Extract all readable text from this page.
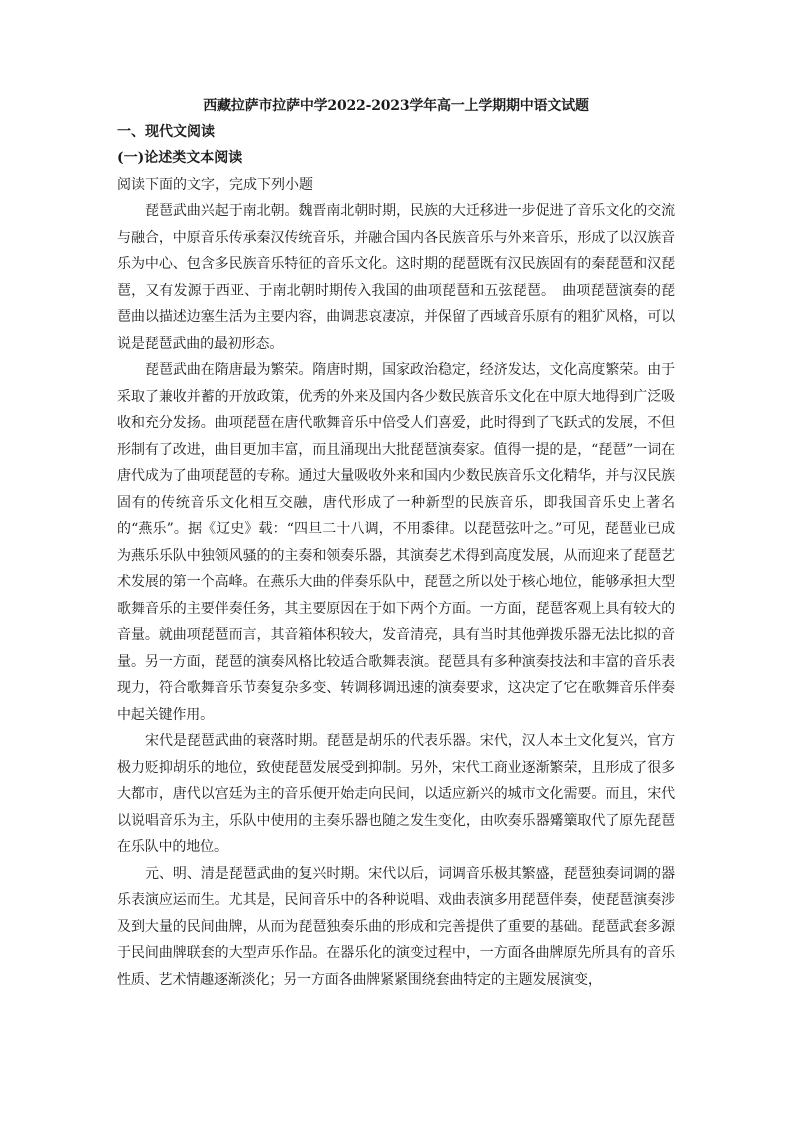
西藏拉萨市拉萨中学2022-2023学年高一上学期期中语文试题
一、现代文阅读
(一)论述类文本阅读
阅读下面的文字，完成下列小题

琵琶武曲兴起于南北朝。魏晋南北朝时期，民族的大迁移进一步促进了音乐文化的交流与融合，中原音乐传承秦汉传统音乐，并融合国内各民族音乐与外来音乐，形成了以汉族音乐为中心、包含多民族音乐特征的音乐文化。这时期的琵琶既有汉民族固有的秦琵琶和汉琵琶，又有发源于西亚、于南北朝时期传入我国的曲项琵琶和五弦琵琶。　曲项琵琶演奏的琵琶曲以描述边塞生活为主要内容，曲调悲哀凄凉，并保留了西域音乐原有的粗犷风格，可以说是琵琶武曲的最初形态。

琵琶武曲在隋唐最为繁荣。隋唐时期，国家政治稳定，经济发达，文化高度繁荣。由于采取了兼收并蓄的开放政策，优秀的外来及国内各少数民族音乐文化在中原大地得到广泛吸收和充分发扬。曲项琵琶在唐代歌舞音乐中倍受人们喜爱，此时得到了飞跃式的发展，不但形制有了改进，曲目更加丰富，而且涌现出大批琵琶演奏家。值得一提的是，“琵琶”一词在唐代成为了曲项琵琶的专称。通过大量吸收外来和国内少数民族音乐文化精华，并与汉民族固有的传统音乐文化相互交融，唐代形成了一种新型的民族音乐，即我国音乐史上著名的“燕乐”。据《辽史》载：“四旦二十八调，不用黍律。以琵琶弦叶之。”可见，琵琶业已成为燕乐乐队中独领风骚的的主奏和领奏乐器，其演奏艺术得到高度发展，从而迎来了琵琶艺术发展的第一个高峰。在燕乐大曲的伴奏乐队中，琵琶之所以处于核心地位，能够承担大型歌舞音乐的主要伴奏任务，其主要原因在于如下两个方面。一方面，琵琶客观上具有较大的音量。就曲项琵琶而言，其音箱体积较大，发音清亮，具有当时其他弹拨乐器无法比拟的音量。另一方面，琵琶的演奏风格比较适合歌舞表演。琵琶具有多种演奏技法和丰富的音乐表现力，符合歌舞音乐节奏复杂多变、转调移调迅速的演奏要求，这决定了它在歌舞音乐伴奏中起关键作用。

宋代是琵琶武曲的衰落时期。琵琶是胡乐的代表乐器。宋代，汉人本土文化复兴，官方极力贬抑胡乐的地位，致使琵琶发展受到抑制。另外，宋代工商业逐渐繁荣，且形成了很多大都市，唐代以宫廷为主的音乐便开始走向民间，以适应新兴的城市文化需要。而且，宋代以说唱音乐为主，乐队中使用的主奏乐器也随之发生变化，由吹奏乐器觱篥取代了原先琵琶在乐队中的地位。

元、明、清是琵琶武曲的复兴时期。宋代以后，词调音乐极其繁盛，琵琶独奏词调的器乐表演应运而生。尤其是，民间音乐中的各种说唱、戏曲表演多用琵琶伴奏，使琵琶演奏涉及到大量的民间曲牌，从而为琵琶独奏乐曲的形成和完善提供了重要的基础。琵琶武套多源于民间曲牌联套的大型声乐作品。在器乐化的演变过程中，一方面各曲牌原先所具有的音乐性质、艺术情趣逐渐淡化；另一方面各曲牌紧紧围绕套曲特定的主题发展演变，
